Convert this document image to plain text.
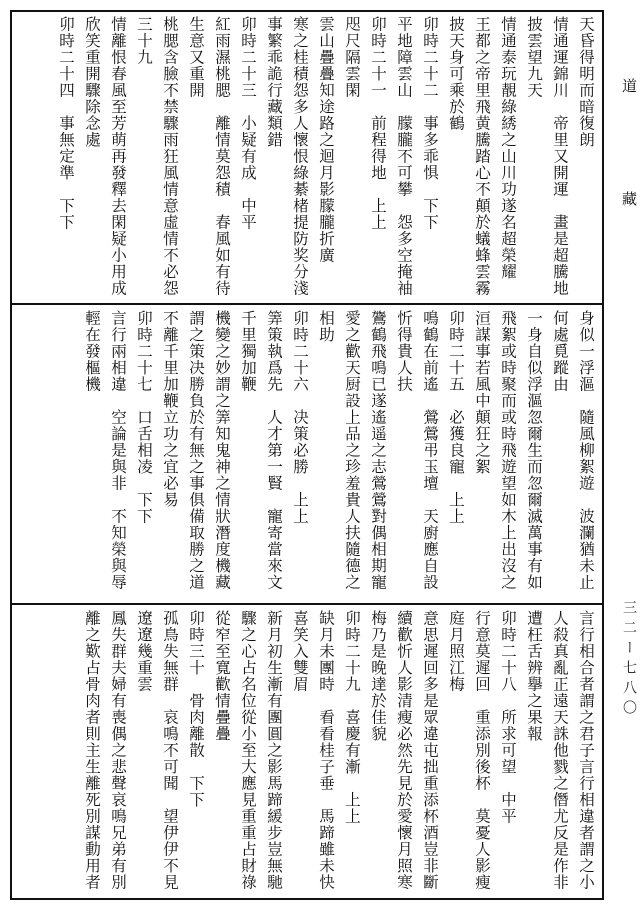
天昏得明而暗復朗
情通運錦川　帝里又開運　畫是超騰地
披雲望九天
情通泰玩靚綠綉之山川功遂名超榮耀
王都之帝里飛黄騰踏心不顛於蟻蜂雲霧
披天身可乘於鶴
卯時二十二　事多乖惧　下下
平地障雲山　朦朧不可攀　怨多空掩袖
卯時二十一　前程得地　上上
咫尺隔雲閑
雲山疊疊知途路之迴月影朦朧折廣
寒之桂積怨多人懷恨綠綦楮提防奖分淺
事繁乖詭行藏類錯
卯時二十三　小疑有成　中平
紅雨濕桃腮　離情莫怨積　春風如有待
生意又重開
桃腮含臉不禁驟雨狂風情意虛情不必怨
三十九
情離恨春風至芳萌再發釋去閑疑小用成
欣笑重開驟除念處
卯時二十四　事無定準　下下
身似一浮漚　隨風柳絮遊　波瀾猶未止
何處覓蹤由
一身自似浮漚忽爾生而忽爾滅萬事有如
飛絮或時聚而或時飛遊望如木上出沒之
洹謀事若風中顛狂之絮
卯時二十五　必獲良寵　上上
鳴鶴在前遙　鶯鶯弔玉壇　天廚應自設
忻得貴人扶
鷟鶴飛鳴已遂遙遥之志鶯鶯對偶相期寵
愛之歡天厨設上品之珍羞貴人扶隨德之
相助
卯時二十六　决策必勝　上上
筭策執爲先　人才第一賢　寵寄當來文
千里獨加鞭
機變之妙謂之筭知鬼神之情狀潛度機藏
謂之策决勝負於有無之事俱備取勝之道
不離千里加鞭立功之宜必易
卯時二十七　口舌相凌　下下
言行兩相違　空論是與非　不知榮與辱
輕在發樞機
言行相合者謂之君子言行相違者謂之小
人殺真亂正遠天誅他戮之僭尤反是作非
遭枉舌辨擧之果報
卯時二十八　所求可望　中平
行意莫遲回　重添別後杯　莫憂人影瘦
庭月照江梅
意思遲回多是眾違屯拙重添杯酒豈非斷
續歡忻人影清瘦必然先見於愛懷月照寒
梅乃是晚達於佳貌
卯時二十九　喜慶有漸　上上
缺月未團時　看看桂子垂　馬蹄雖未快
喜笑入雙眉
新月初生漸有團圓之影馬蹄緩步豈無馳
驟之心占名位從小至大應見重重占財祿
從窄至寬歡情疊疊
卯時三十　骨肉離散　下下
孤鳥失無群　哀鳴不可聞　望伊伊不見
遼遼幾重雲
鳳失群夫婦有喪偶之悲聲哀鳴兄弟有別
離之歎占骨肉者則主生離死別謀動用者
道 藏
三二ー七八〇
